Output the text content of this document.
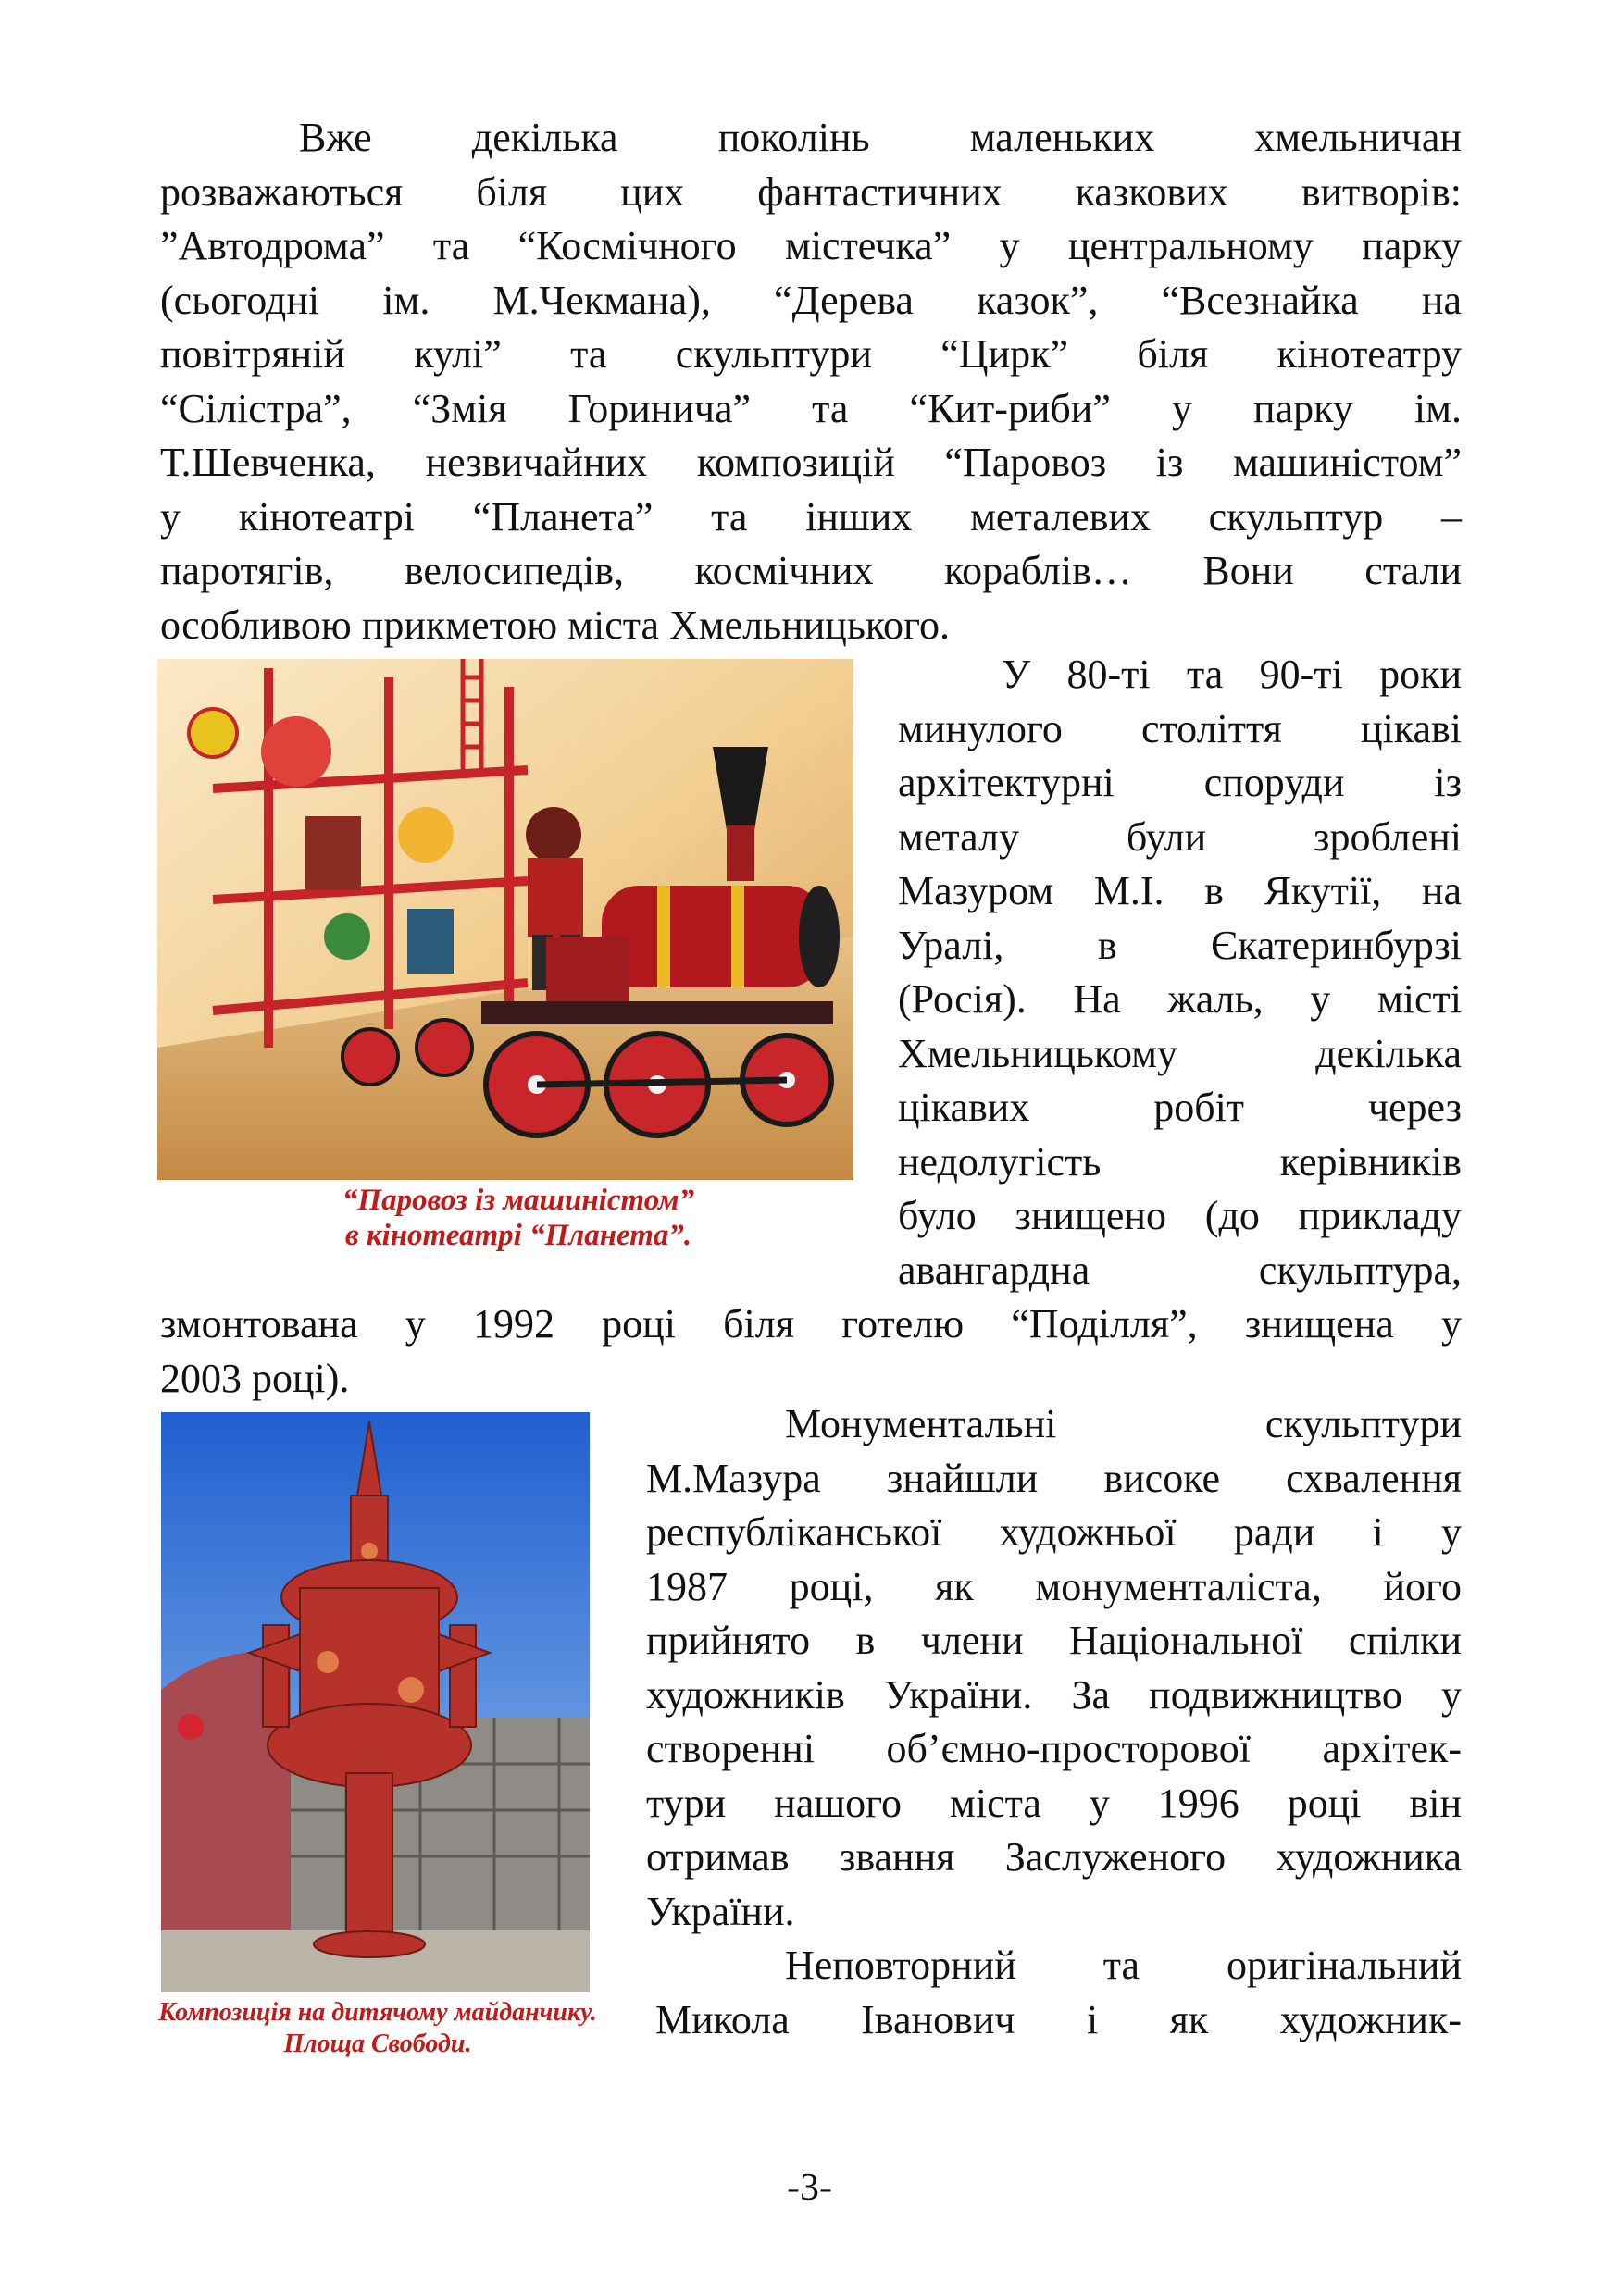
Вже декілька поколінь маленьких хмельничан
розважаються біля цих фантастичних казкових витворів:
”Автодрома” та “Космічного містечка” у центральному парку
(сьогодні ім. М.Чекмана), “Дерева казок”, “Всезнайка на
повітряній кулі” та скульптури “Цирк” біля кінотеатру
“Сілістра”, “Змія Горинича” та “Кит-риби” у парку ім.
Т.Шевченка, незвичайних композицій “Паровоз із машиністом”
у кінотеатрі “Планета” та інших металевих скульптур –
паротягів, велосипедів, космічних кораблів… Вони стали
особливою прикметою міста Хмельницького.
“Паровоз із машиністом”
в кінотеатрі “Планета”.
У 80-ті та 90-ті роки
минулого століття цікаві
архітектурні споруди із
металу були зроблені
Мазуром М.І. в Якутії, на
Уралі, в Єкатеринбурзі
(Росія). На жаль, у місті
Хмельницькому декілька
цікавих робіт через
недолугість керівників
було знищено (до прикладу
авангардна скульптура,
змонтована у 1992 році біля готелю “Поділля”, знищена у
2003 році).
Композиція на дитячому майданчику.
Площа Свободи.
Монументальні скульптури
М.Мазура знайшли високе схвалення
республіканської художньої ради і у
1987 році, як монументаліста, його
прийнято в члени Національної спілки
художників України. За подвижництво у
створенні об’ємно-просторової архітек-
тури нашого міста у 1996 році він
отримав звання Заслуженого художника
України.
Неповторний та оригінальний
Микола Іванович і як художник-
-3-
